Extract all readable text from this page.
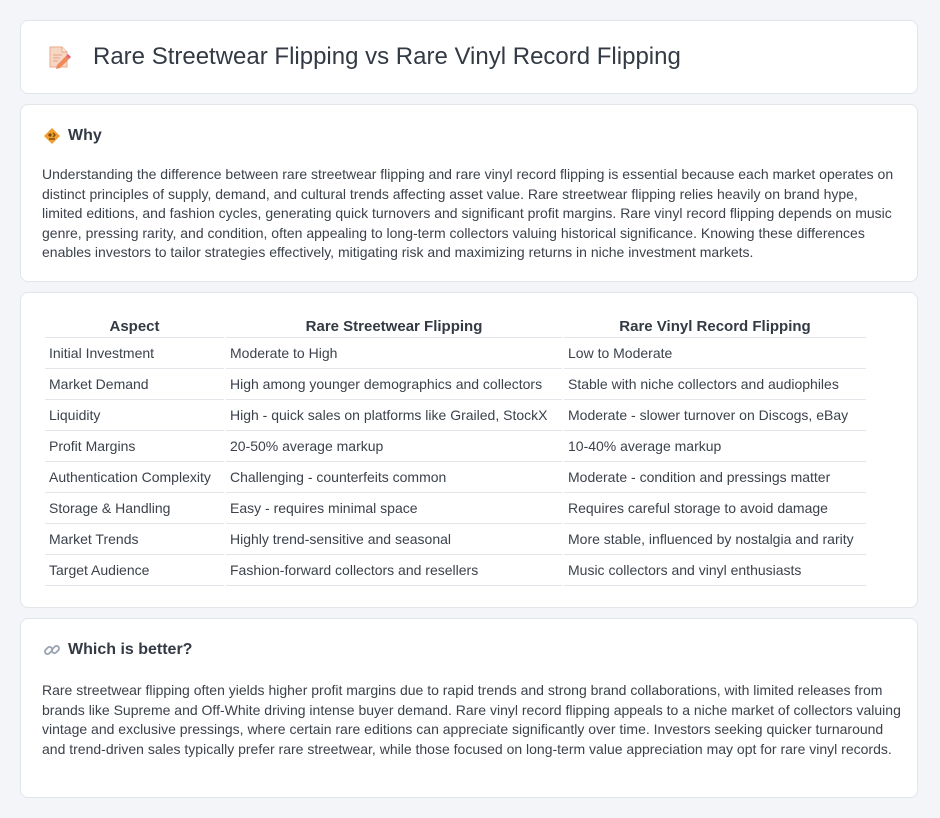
Rare Streetwear Flipping vs Rare Vinyl Record Flipping
Why

Understanding the difference between rare streetwear flipping and rare vinyl record flipping is essential because each market operates on distinct principles of supply, demand, and cultural trends affecting asset value. Rare streetwear flipping relies heavily on brand hype, limited editions, and fashion cycles, generating quick turnovers and significant profit margins. Rare vinyl record flipping depends on music genre, pressing rarity, and condition, often appealing to long-term collectors valuing historical significance. Knowing these differences enables investors to tailor strategies effectively, mitigating risk and maximizing returns in niche investment markets.

Aspect	Rare Streetwear Flipping	Rare Vinyl Record Flipping
Initial Investment	Moderate to High	Low to Moderate
Market Demand	High among younger demographics and collectors	Stable with niche collectors and audiophiles
Liquidity	High - quick sales on platforms like Grailed, StockX	Moderate - slower turnover on Discogs, eBay
Profit Margins	20-50% average markup	10-40% average markup
Authentication Complexity	Challenging - counterfeits common	Moderate - condition and pressings matter
Storage & Handling	Easy - requires minimal space	Requires careful storage to avoid damage
Market Trends	Highly trend-sensitive and seasonal	More stable, influenced by nostalgia and rarity
Target Audience	Fashion-forward collectors and resellers	Music collectors and vinyl enthusiasts
Which is better?

Rare streetwear flipping often yields higher profit margins due to rapid trends and strong brand collaborations, with limited releases from brands like Supreme and Off-White driving intense buyer demand. Rare vinyl record flipping appeals to a niche market of collectors valuing vintage and exclusive pressings, where certain rare editions can appreciate significantly over time. Investors seeking quicker turnaround and trend-driven sales typically prefer rare streetwear, while those focused on long-term value appreciation may opt for rare vinyl records.
